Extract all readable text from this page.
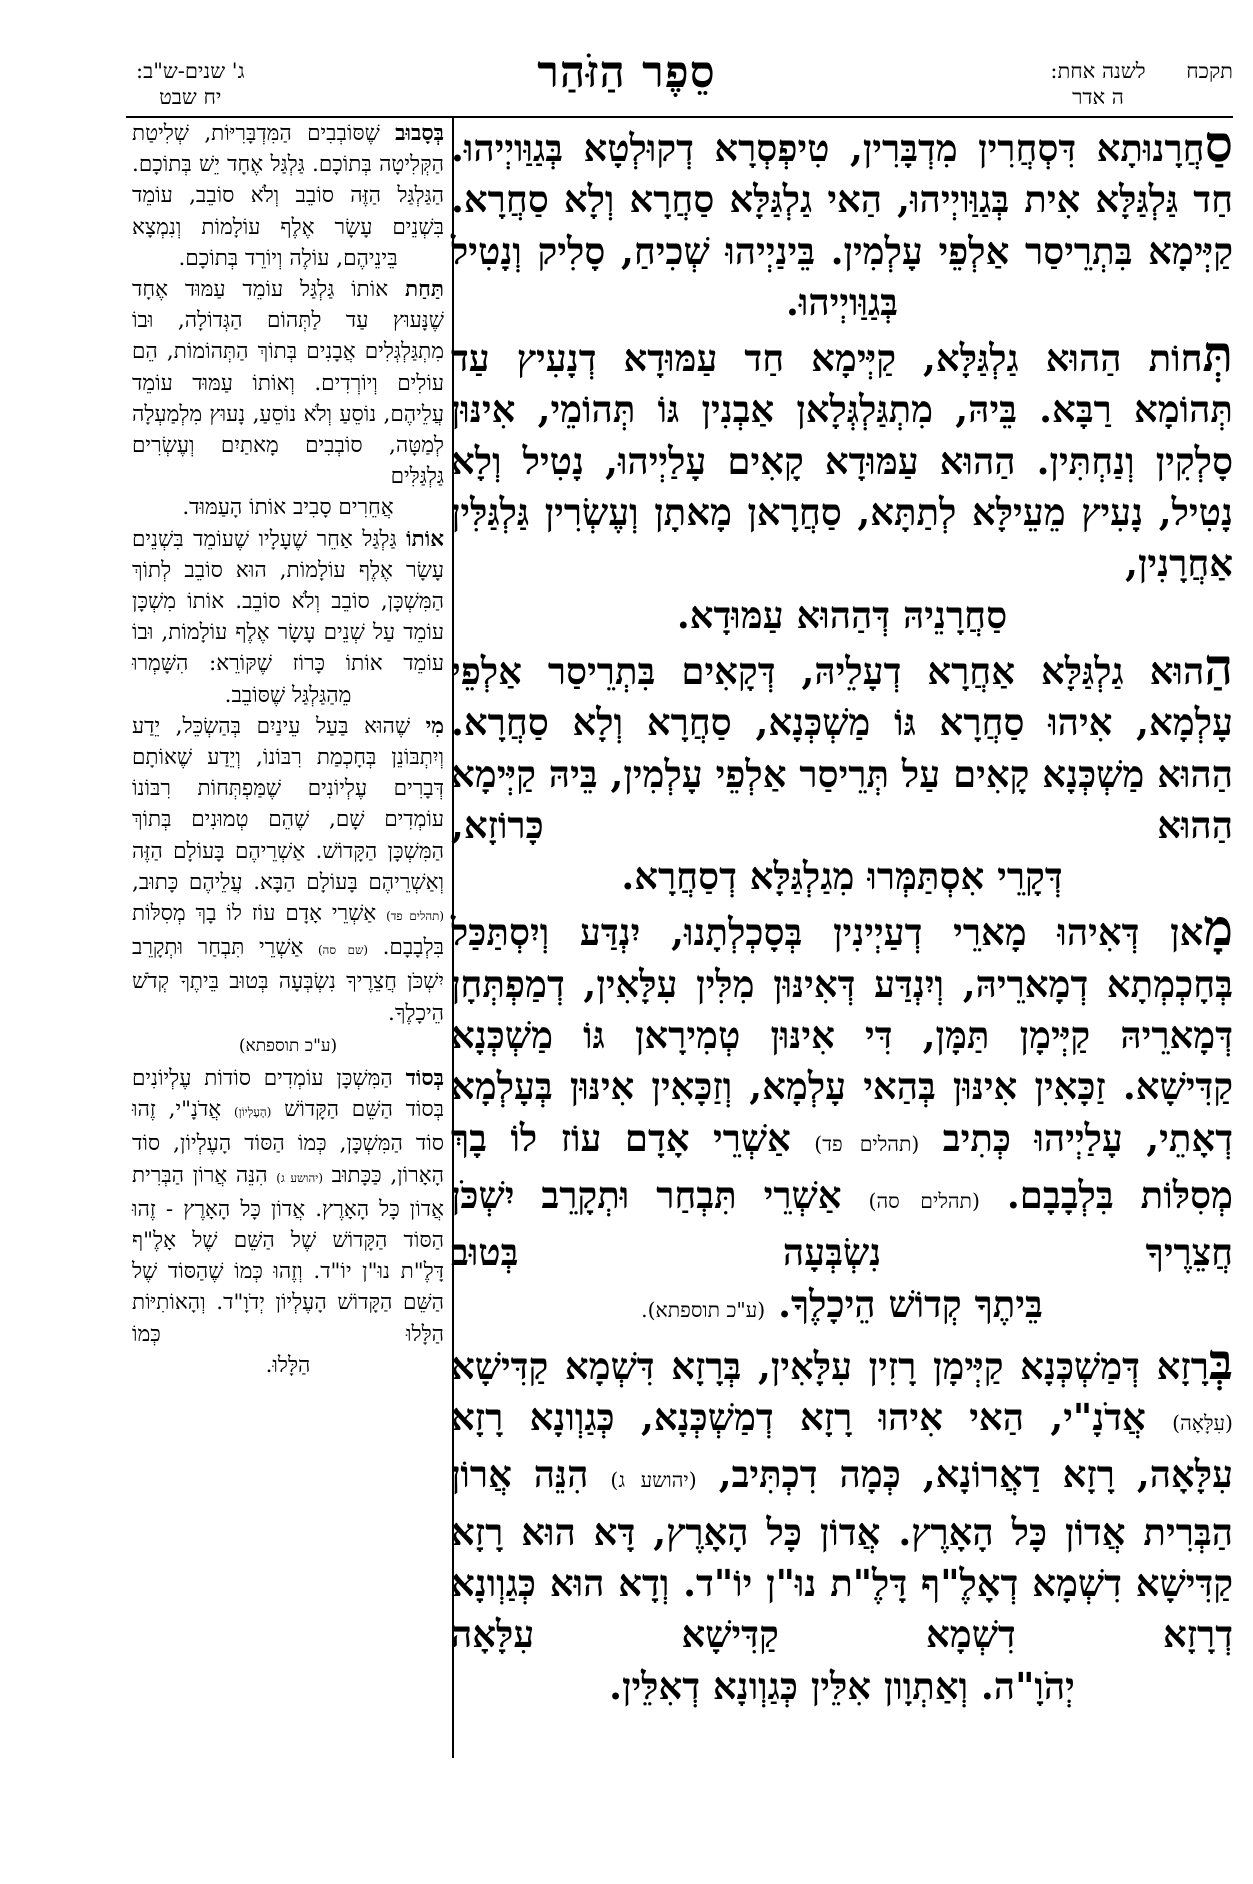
תקכח לשנה אחת:
ה אדר
סֵפֶר הַזֹּהַר
ג' שנים-ש"ב:
יח שבט

סַחֲרָנוּתָא דִּסְחֲרִין מִדְבָּרִין, טִיפְסְרָא דְקוּלְטָא בְּגַוַּויְיהוּ. חַד גַּלְגַּלָּא אִית בְּגַוַּויְיהוּ, הַאי גַלְגַּלָּא סַחֲרָא וְלָא סַחֲרָא. קַיְּימָא בִּתְרֵיסַר אַלְפֵי עָלְמִין. בֵּינַיְיהוּ שְׁכִיחַ, סָלִיק וְנָטִיל

בְּגַוַּויְיהוּ.

תְּחוֹת הַהוּא גַלְגַּלָּא, קַיְּימָא חַד עַמּוּדָא דְנָעִיץ עַד תְּהוֹמָא רַבָּא. בֵּיהּ, מִתְגַּלְגְּלָאן אַבְנִין גּוֹ תְּהוֹמֵי, אִינּוּן סָלְקִין וְנַחְתִּין. הַהוּא עַמּוּדָא קָאִים עָלַיְיהוּ, נָטִיל וְלָא נָטִיל, נָעִיץ מֵעֵילָּא לְתַתָּא, סַחֲרָאן מָאתָן וְעֶשְׂרִין גַּלְגַּלִּין אַחֲרָנִין,

סַחֲרָנֵיהּ דְּהַהוּא עַמּוּדָא.

הַהוּא גַלְגַּלָּא אַחֲרָא דְעָלֵיהּ, דְּקָאִים בִּתְרֵיסַר אַלְפֵי עָלְמָא, אִיהוּ סַחֲרָא גּוֹ מַשְׁכְּנָא, סַחֲרָא וְלָא סַחֲרָא. הַהוּא מַשְׁכְּנָא קָאִים עַל תְּרֵיסַר אַלְפֵי עָלְמִין, בֵּיהּ קַיְּימָא הַהוּא כָּרוֹזָא,

דְּקָרֵי אִסְתַּמְּרוּ מִגַלְגַּלָּא דְסַחֲרָא.

מָאן דְּאִיהוּ מָארֵי דְעַיְינִין בְּסָכְלְתָנוּ, יִנְדַּע וְיִסְתַּכַּל בְּחָכְמְתָא דְמָארֵיהּ, וְיִנְדַּע דְּאִינּוּן מִלִּין עִלָּאִין, דְמַפְתְּחָן דְּמָארֵיהּ קַיְּימָן תַּמָּן, דִּי אִינּוּן טְמִירָאן גּוֹ מַשְׁכְּנָא קַדִּישָׁא. זַכָּאִין אִינּוּן בְּהַאי עָלְמָא, וְזַכָּאִין אִינּוּן בְּעָלְמָא דְאָתֵי, עָלַיְיהוּ כְּתִיב (תהלים פד) אַשְׁרֵי אָדָם עוֹז לוֹ בָךְ מְסִלּוֹת בִּלְבָבָם. (תהלים סה) אַשְׁרֵי תִּבְחַר וּתְקָרֵב יִשְׁכֹּן חֲצֵרֶיךָ נִשְׂבְּעָה בְּטוּב

בֵּיתֶךָ קְדוֹשׁ הֵיכָלֶךָ. (ע"כ תוספתא).

בְּרָזָא דְּמַשְׁכְּנָא קַיְּימָן רָזִין עִלָּאִין, בְּרָזָא דִּשְׁמָא קַדִּישָׁא (עִלָּאָה) אֲדֹנָ"י, הַאי אִיהוּ רָזָא דְמַשְׁכְּנָא, כְּגַוְונָא רָזָא עִלָּאָה, רָזָא דַאֲרוֹנָא, כְּמָה דִכְתִּיב, (יהושע ג) הִנֵּה אֲרוֹן הַבְּרִית אֲדוֹן כָּל הָאָרֶץ. אֲדוֹן כָּל הָאָרֶץ, דָּא הוּא רָזָא קַדִּישָׁא דִשְׁמָא דְאָלֶ"ף דָּלֶ"ת נוּ"ן יוֹ"ד. וְדָא הוּא כְּגַוְונָא דְרָזָא דִשְׁמָא קַדִּישָׁא עִלָּאָה

יְהֹוָ"ה. וְאַתְוָון אִלֵּין כְּגַוְונָא דְאִלֵּין.

בְּסָבוּב שֶׁסּוֹבְבִים הַמִּדְבָּרִיּוֹת, שְׁלִיטַת הַקְּלִיטָה בְּתוֹכָם. גַּלְגַּל אֶחָד יֵשׁ בְּתוֹכָם. הַגַּלְגַּל הַזֶּה סוֹבֵב וְלֹא סוֹבֵב, עוֹמֵד בִּשְׁנֵים עָשָׂר אֶלֶף עוֹלָמוֹת וְנִמְצָא

בֵּינֵיהֶם, עוֹלֶה וְיוֹרֵד בְּתוֹכָם.

תַּחַת אוֹתוֹ גַּלְגַּל עוֹמֵד עַמּוּד אֶחָד שֶׁנָּעוּץ עַד לַתְּהוֹם הַגְּדוֹלָה, וּבוֹ מִתְגַּלְגְּלִים אֲבָנִים בְּתוֹךְ הַתְּהוֹמוֹת, הֵם עוֹלִים וְיוֹרְדִים. וְאוֹתוֹ עַמּוּד עוֹמֵד עֲלֵיהֶם, נוֹסֵעַ וְלֹא נוֹסֵעַ, נָעוּץ מִלְמַעְלָה לְמַטָּה, סוֹבְבִים מָאתַיִם וְעֶשְׂרִים גַּלְגַּלִּים

אֲחֵרִים סָבִיב אוֹתוֹ הָעַמּוּד.

אוֹתוֹ גַּלְגַּל אַחֵר שֶׁעָלָיו שֶׁעוֹמֵד בִּשְׁנֵים עָשָׂר אֶלֶף עוֹלָמוֹת, הוּא סוֹבֵב לְתוֹךְ הַמִּשְׁכָּן, סוֹבֵב וְלֹא סוֹבֵב. אוֹתוֹ מִשְׁכָּן עוֹמֵד עַל שְׁנֵים עָשָׂר אֶלֶף עוֹלָמוֹת, וּבוֹ עוֹמֵד אוֹתוֹ כָּרוֹז שֶׁקּוֹרֵא: הִשָּׁמְרוּ

מֵהַגַּלְגַּל שֶׁסּוֹבֵב.

מִי שֶׁהוּא בַּעַל עֵינַיִם בְּהַשְׂכֵּל, יֵדַע וְיִתְבּוֹנֵן בְּחָכְמַת רִבּוֹנוֹ, וְיֵדַע שֶׁאוֹתָם דְּבָרִים עֶלְיוֹנִים שֶׁמַּפְתְּחוֹת רִבּוֹנוֹ עוֹמְדִים שָׁם, שֶׁהֵם טְמוּנִים בְּתוֹךְ הַמִּשְׁכָּן הַקָּדוֹשׁ. אַשְׁרֵיהֶם בָּעוֹלָם הַזֶּה וְאַשְׁרֵיהֶם בָּעוֹלָם הַבָּא. עֲלֵיהֶם כָּתוּב, (תהלים פד) אַשְׁרֵי אָדָם עוֹז לוֹ בָךְ מְסִלּוֹת בִּלְבָבָם. (שם סה) אַשְׁרֵי תִּבְחַר וּתְקָרֵב יִשְׁכֹּן חֲצֵרֶיךָ נִשְׂבְּעָה בְּטוּב בֵּיתֶךָ קְדֹשׁ הֵיכָלֶךָ.

(ע"כ תוספתא)

בְּסוֹד הַמִּשְׁכָּן עוֹמְדִים סוֹדוֹת עֶלְיוֹנִים בְּסוֹד הַשֵּׁם הַקָּדוֹשׁ (הָעֶלְיוֹן) אֲדֹנָ"י, זֶהוּ סוֹד הַמִּשְׁכָּן, כְּמוֹ הַסּוֹד הָעֶלְיוֹן, סוֹד הָאָרוֹן, כַּכָּתוּב (יהושע ג) הִנֵּה אֲרוֹן הַבְּרִית אֲדוֹן כָּל הָאָרֶץ. אֲדוֹן כָּל הָאָרֶץ - זֶהוּ הַסּוֹד הַקָּדוֹשׁ שֶׁל הַשֵּׁם שֶׁל אָלֶ"ף דָּלֶ"ת נוּ"ן יוֹ"ד. וְזֶהוּ כְּמוֹ שֶׁהַסּוֹד שֶׁל הַשֵּׁם הַקָּדוֹשׁ הָעֶלְיוֹן יְדֹוָ"ד. וְהָאוֹתִיּוֹת הַלָּלוּ כְּמוֹ

הַלָּלוּ.
